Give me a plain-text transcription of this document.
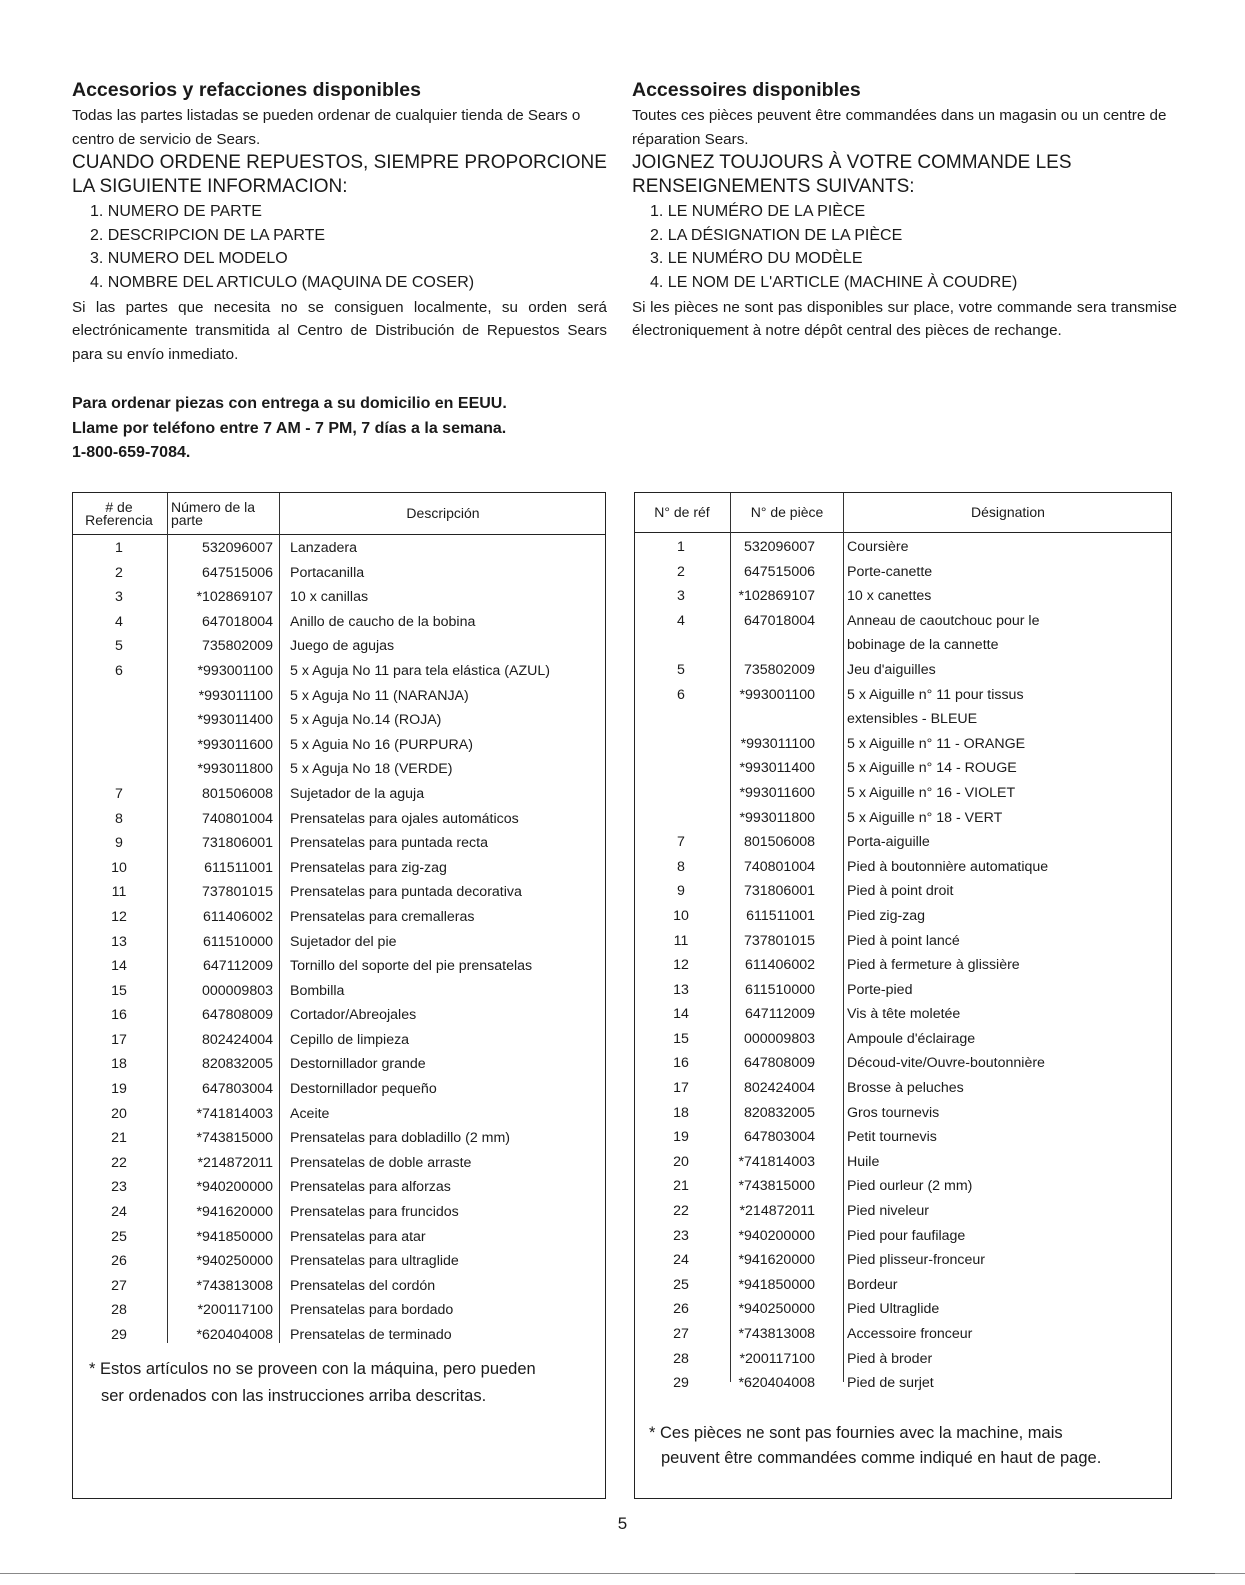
Accesorios y refacciones disponibles

Todas las partes listadas se pueden ordenar de cualquier tienda de Sears o centro de servicio de Sears.

CUANDO ORDENE REPUESTOS, SIEMPRE PROPORCIONE LA SIGUIENTE INFORMACION:

1. NUMERO DE PARTE
2. DESCRIPCION DE LA PARTE
3. NUMERO DEL MODELO
4. NOMBRE DEL ARTICULO (MAQUINA DE COSER)

Si las partes que necesita no se consiguen localmente, su orden será electrónicamente transmitida al Centro de Distribución de Repuestos Sears para su envío inmediato.

Para ordenar piezas con entrega a su domicilio en EEUU.

Llame por teléfono entre 7 AM - 7 PM, 7 días a la semana.

1-800-659-7084.

Accessoires disponibles

Toutes ces pièces peuvent être commandées dans un magasin ou un centre de réparation Sears.

JOIGNEZ TOUJOURS À VOTRE COMMANDE LES RENSEIGNEMENTS SUIVANTS:

1. LE NUMÉRO DE LA PIÈCE
2. LA DÉSIGNATION DE LA PIÈCE
3. LE NUMÉRO DU MODÈLE
4. LE NOM DE L'ARTICLE (MACHINE À COUDRE)

Si les pièces ne sont pas disponibles sur place, votre commande sera transmise électroniquement à notre dépôt central des pièces de rechange.

# de Referencia
Número de la parte	Descripción
1	532096007 Lanzadera
2	647515006 Portacanilla
3	*102869107 10 x canillas
4	647018004 Anillo de caucho de la bobina
5	735802009 Juego de agujas
6	*993001100 5 x Aguja No 11 para tela elástica (AZUL)
*993011100 5 x Aguja No 11 (NARANJA)
*993011400 5 x Aguja No.14 (ROJA)
*993011600 5 x Aguia No 16 (PURPURA)
*993011800 5 x Aguja No 18 (VERDE)
7	801506008 Sujetador de la aguja
8	740801004 Prensatelas para ojales automáticos
9	731806001 Prensatelas para puntada recta
10	611511001 Prensatelas para zig-zag
11	737801015 Prensatelas para puntada decorativa
12	611406002 Prensatelas para cremalleras
13	611510000 Sujetador del pie
14	647112009 Tornillo del soporte del pie prensatelas
15	000009803 Bombilla
16	647808009 Cortador/Abreojales
17	802424004 Cepillo de limpieza
18	820832005 Destornillador grande
19	647803004 Destornillador pequeño
20	*741814003 Aceite
21	*743815000 Prensatelas para dobladillo (2 mm)
22	*214872011 Prensatelas de doble arraste
23	*940200000 Prensatelas para alforzas
24	*941620000 Prensatelas para fruncidos
25	*941850000 Prensatelas para atar
26	*940250000 Prensatelas para ultraglide
27	*743813008 Prensatelas del cordón
28	*200117100 Prensatelas para bordado
29	*620404008 Prensatelas de terminado

* Estos artículos no se proveen con la máquina, pero pueden

ser ordenados con las instrucciones arriba descritas.

N° de réf	N° de pièce	Désignation
1	532096007 Coursière
2	647515006 Porte-canette
3	*102869107 10 x canettes
4	647018004 Anneau de caoutchouc pour le
bobinage de la cannette
5	735802009 Jeu d'aiguilles
6	*993001100 5 x Aiguille n° 11 pour tissus
extensibles - BLEUE
*993011100 5 x Aiguille n° 11 - ORANGE
*993011400 5 x Aiguille n° 14 - ROUGE
*993011600 5 x Aiguille n° 16 - VIOLET
*993011800 5 x Aiguille n° 18 - VERT
7	801506008 Porta-aiguille
8	740801004 Pied à boutonnière automatique
9	731806001 Pied à point droit
10	611511001 Pied zig-zag
11	737801015 Pied à point lancé
12	611406002 Pied à fermeture à glissière
13	611510000 Porte-pied
14	647112009 Vis à tête moletée
15	000009803 Ampoule d'éclairage
16	647808009 Découd-vite/Ouvre-boutonnière
17	802424004 Brosse à peluches
18	820832005 Gros tournevis
19	647803004 Petit tournevis
20	*741814003 Huile
21	*743815000 Pied ourleur (2 mm)
22	*214872011 Pied niveleur
23	*940200000 Pied pour faufilage
24	*941620000 Pied plisseur-fronceur
25	*941850000 Bordeur
26	*940250000 Pied Ultraglide
27	*743813008 Accessoire fronceur
28	*200117100 Pied à broder
29	*620404008 Pied de surjet

* Ces pièces ne sont pas fournies avec la machine, mais

peuvent être commandées comme indiqué en haut de page.

5
